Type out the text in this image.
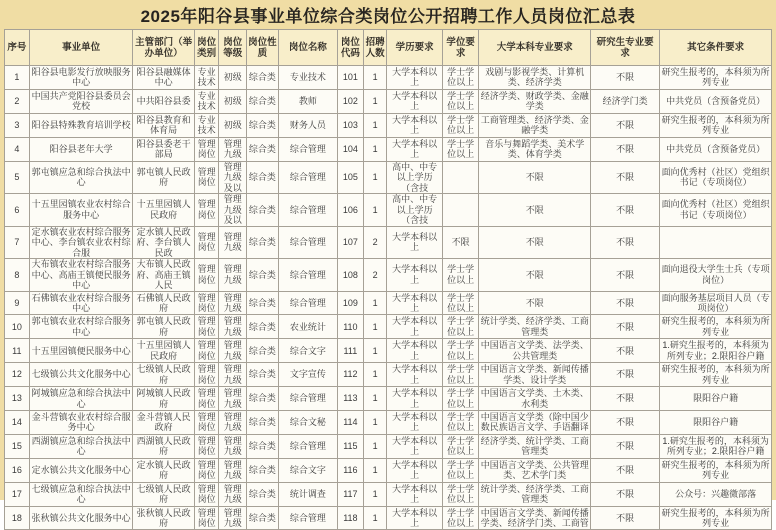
2025年阳谷县事业单位综合类岗位公开招聘工作人员岗位汇总表
序号	事业单位	主管部门（举办单位）	岗位类别	岗位等级	岗位性质	岗位名称	岗位代码	招聘人数	学历要求	学位要求	大学本科专业要求	研究生专业要求	其它条件要求
1	阳谷县电影发行放映服务中心	阳谷县融媒体中心	专业技术	初级	综合类	专业技术	101	1	大学本科以上	学士学位以上	戏剧与影视学类、计算机类、经济学类	不限	研究生报考的，本科须为所列专业
2	中国共产党阳谷县委员会党校	中共阳谷县委	专业技术	初级	综合类	教师	102	1	大学本科以上	学士学位以上	经济学类、财政学类、金融学类	经济学门类	中共党员（含预备党员）
3	阳谷县特殊教育培训学校	阳谷县教育和体育局	专业技术	初级	综合类	财务人员	103	1	大学本科以上	学士学位以上	工商管理类、经济学类、金融学类	不限	研究生报考的，本科须为所列专业
4	阳谷县老年大学	阳谷县委老干部局	管理岗位	管理九级	综合类	综合管理	104	1	大学本科以上	学士学位以上	音乐与舞蹈学类、美术学类、体育学类	不限	中共党员（含预备党员）
5	郭屯镇应急和综合执法中心	郭屯镇人民政府	管理岗位	管理九级及以	综合类	综合管理	105	1	高中、中专以上学历（含技		不限	不限	面向优秀村（社区）党组织书记（专项岗位）
6	十五里园镇农业农村综合服务中心	十五里园镇人民政府	管理岗位	管理九级及以	综合类	综合管理	106	1	高中、中专以上学历（含技		不限	不限	面向优秀村（社区）党组织书记（专项岗位）
7	定水镇农业农村综合服务中心、李台镇农业农村综合服	定水镇人民政府、李台镇人民政	管理岗位	管理九级	综合类	综合管理	107	2	大学本科以上	不限	不限	不限	
8	大布镇农业农村综合服务中心、高庙王镇便民服务中心	大布镇人民政府、高庙王镇人民	管理岗位	管理九级	综合类	综合管理	108	2	大学本科以上	学士学位以上	不限	不限	面向退役大学生士兵（专项岗位）
9	石佛镇农业农村综合服务中心	石佛镇人民政府	管理岗位	管理九级	综合类	综合管理	109	1	大学本科以上	学士学位以上	不限	不限	面向服务基层项目人员（专项岗位）
10	郭屯镇农业农村综合服务中心	郭屯镇人民政府	管理岗位	管理九级	综合类	农业统计	110	1	大学本科以上	学士学位以上	统计学类、经济学类、工商管理类	不限	研究生报考的，本科须为所列专业
11	十五里园镇便民服务中心	十五里园镇人民政府	管理岗位	管理九级	综合类	综合文字	111	1	大学本科以上	学士学位以上	中国语言文学类、法学类、公共管理类	不限	1.研究生报考的，本科须为所列专业；2.限阳谷户籍
12	七级镇公共文化服务中心	七级镇人民政府	管理岗位	管理九级	综合类	文字宣传	112	1	大学本科以上	学士学位以上	中国语言文学类、新闻传播学类、设计学类	不限	研究生报考的，本科须为所列专业
13	阿城镇应急和综合执法中心	阿城镇人民政府	管理岗位	管理九级	综合类	综合管理	113	1	大学本科以上	学士学位以上	中国语言文学类、土木类、水利类	不限	限阳谷户籍
14	金斗营镇农业农村综合服务中心	金斗营镇人民政府	管理岗位	管理九级	综合类	综合文秘	114	1	大学本科以上	学士学位以上	中国语言文学类（除中国少数民族语言文学、手语翻译	不限	限阳谷户籍
15	西湖镇应急和综合执法中心	西湖镇人民政府	管理岗位	管理九级	综合类	综合管理	115	1	大学本科以上	学士学位以上	经济学类、统计学类、工商管理类	不限	1.研究生报考的，本科须为所列专业；2.限阳谷户籍
16	定水镇公共文化服务中心	定水镇人民政府	管理岗位	管理九级	综合类	综合文字	116	1	大学本科以上	学士学位以上	中国语言文学类、公共管理类、艺术学门类	不限	研究生报考的，本科须为所列专业
17	七级镇应急和综合执法中心	七级镇人民政府	管理岗位	管理九级	综合类	统计调查	117	1	大学本科以上	学士学位以上	统计学类、经济学类、工商管理类	不限	公众号：兴趣微部落
18	张秋镇公共文化服务中心	张秋镇人民政府	管理岗位	管理九级	综合类	综合管理	118	1	大学本科以上	学士学位以上	中国语言文学类、新闻传播学类、经济学门类、工商管	不限	研究生报考的，本科须为所列专业
